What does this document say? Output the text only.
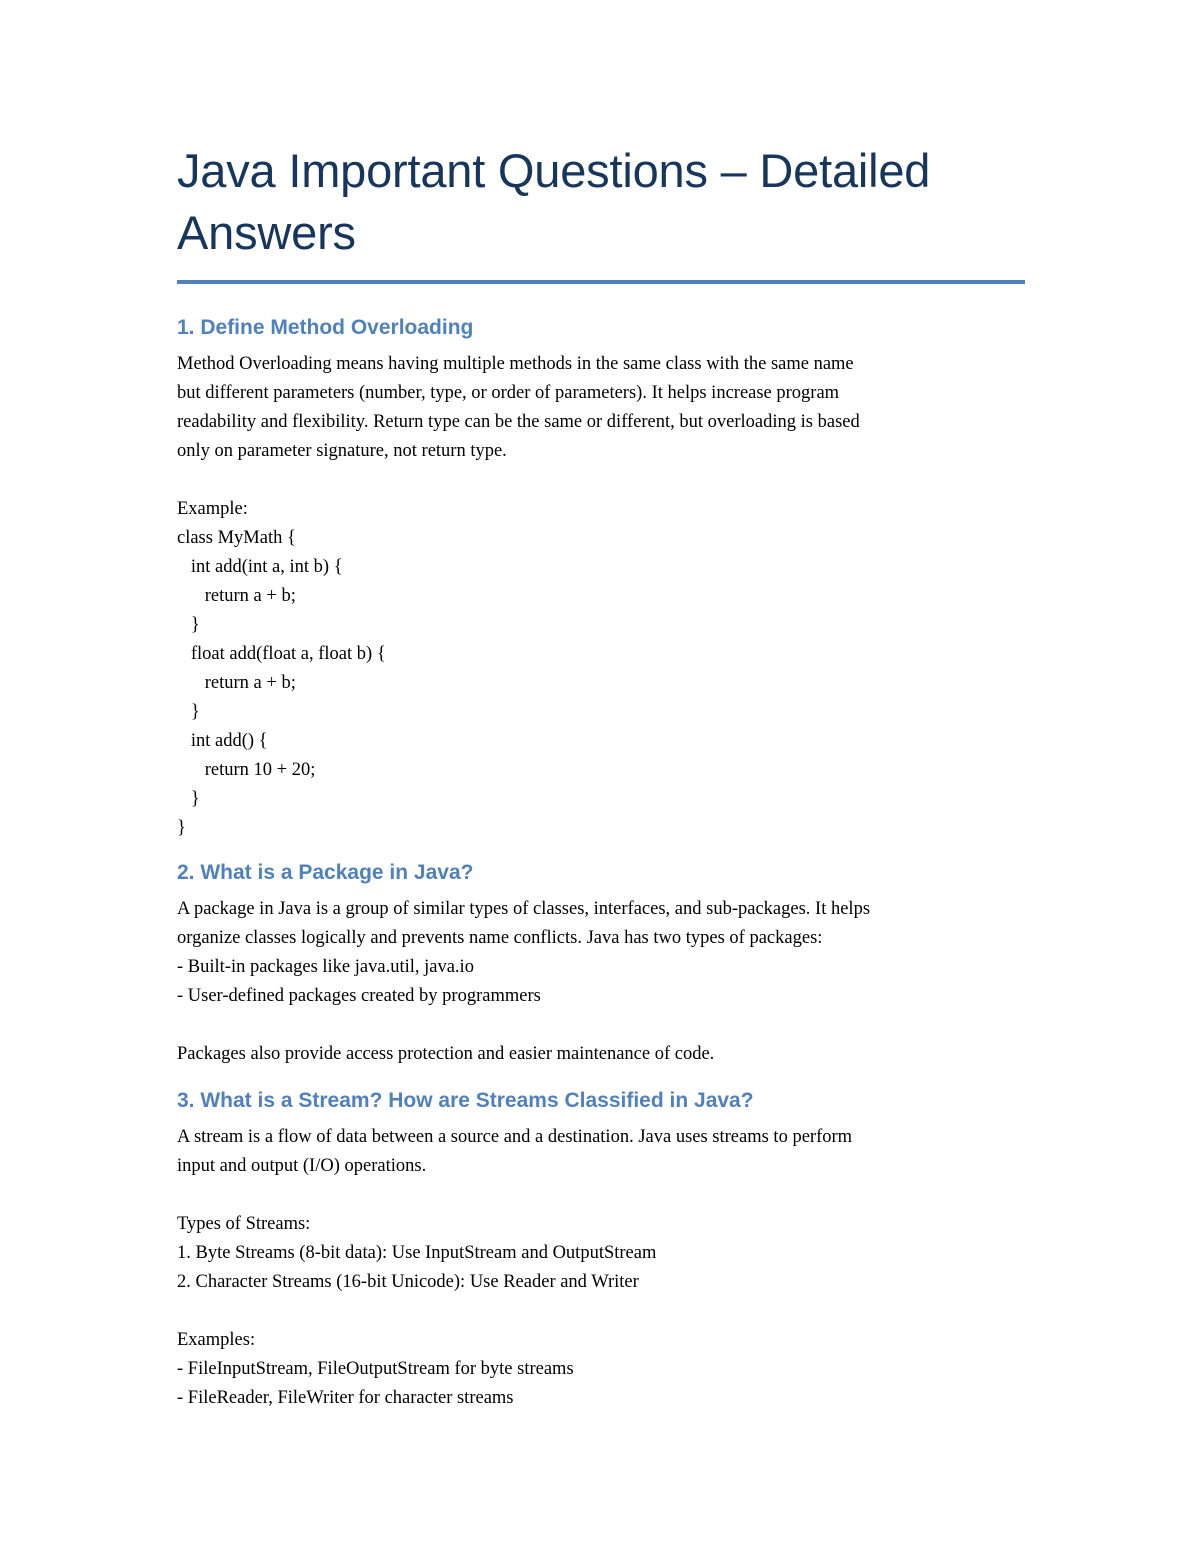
Java Important Questions – Detailed
Answers
1. Define Method Overloading
Method Overloading means having multiple methods in the same class with the same name
but different parameters (number, type, or order of parameters). It helps increase program
readability and flexibility. Return type can be the same or different, but overloading is based
only on parameter signature, not return type.
Example:
class MyMath {
int add(int a, int b) {
return a + b;
}
float add(float a, float b) {
return a + b;
}
int add() {
return 10 + 20;
}
}
2. What is a Package in Java?
A package in Java is a group of similar types of classes, interfaces, and sub-packages. It helps
organize classes logically and prevents name conflicts. Java has two types of packages:
- Built-in packages like java.util, java.io
- User-defined packages created by programmers
Packages also provide access protection and easier maintenance of code.
3. What is a Stream? How are Streams Classified in Java?
A stream is a flow of data between a source and a destination. Java uses streams to perform
input and output (I/O) operations.
Types of Streams:
1. Byte Streams (8-bit data): Use InputStream and OutputStream
2. Character Streams (16-bit Unicode): Use Reader and Writer
Examples:
- FileInputStream, FileOutputStream for byte streams
- FileReader, FileWriter for character streams
